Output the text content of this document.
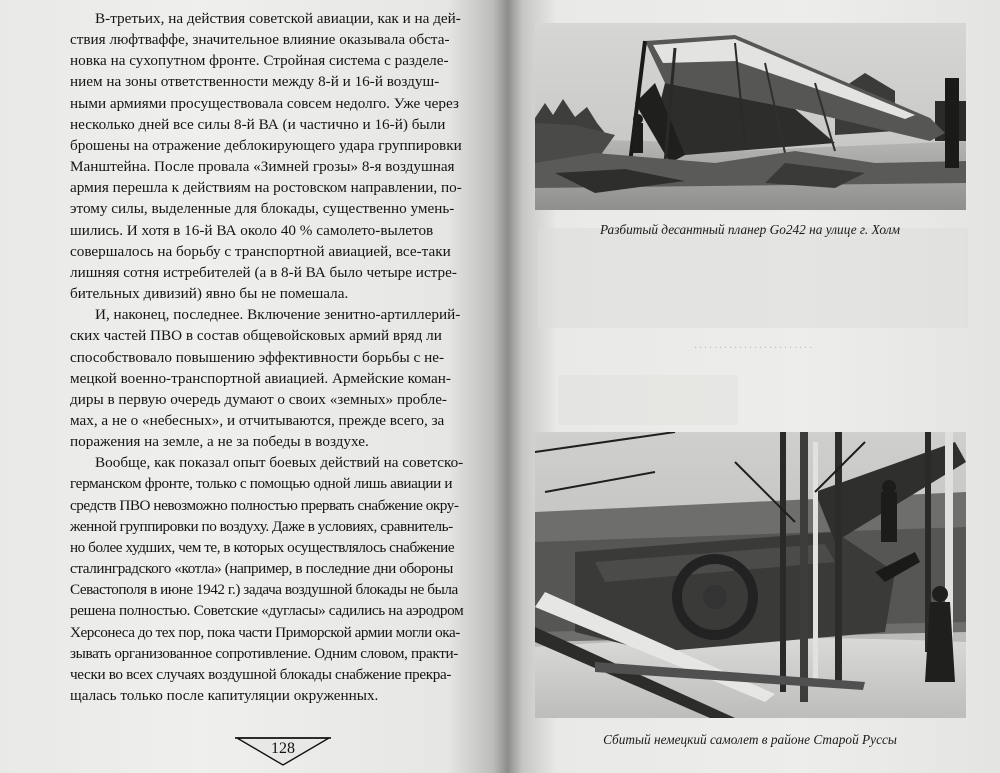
В-третьих, на действия советской авиации, как и на дей-

ствия люфтваффе, значительное влияние оказывала обста-

новка на сухопутном фронте. Стройная система с разделе-

нием на зоны ответственности между 8-й и 16-й воздуш-

ными армиями просуществовала совсем недолго. Уже через

несколько дней все силы 8-й ВА (и частично и 16-й) были

брошены на отражение деблокирующего удара группировки

Манштейна. После провала «Зимней грозы» 8-я воздушная

армия перешла к действиям на ростовском направлении, по-

этому силы, выделенные для блокады, существенно умень-

шились. И хотя в 16-й ВА около 40 % самолето-вылетов

совершалось на борьбу с транспортной авиацией, все-таки

лишняя сотня истребителей (а в 8-й ВА было четыре истре-

бительных дивизий) явно бы не помешала.

И, наконец, последнее. Включение зенитно-артиллерий-

ских частей ПВО в состав общевойсковых армий вряд ли

способствовало повышению эффективности борьбы с не-

мецкой военно-транспортной авиацией. Армейские коман-

диры в первую очередь думают о своих «земных» пробле-

мах, а не о «небесных», и отчитываются, прежде всего, за

поражения на земле, а не за победы в воздухе.

Вообще, как показал опыт боевых действий на советско-

германском фронте, только с помощью одной лишь авиации и

средств ПВО невозможно полностью прервать снабжение окру-

женной группировки по воздуху. Даже в условиях, сравнитель-

но более худших, чем те, в которых осуществлялось снабжение

сталинградского «котла» (например, в последние дни обороны

Севастополя в июне 1942 г.) задача воздушной блокады не была

решена полностью. Советские «дугласы» садились на аэродром

Херсонеса до тех пор, пока части Приморской армии могли ока-

зывать организованное сопротивление. Одним словом, практи-

чески во всех случаях воздушной блокады снабжение прекра-

щалась только после капитуляции окруженных.

128
Разбитый десантный планер Go242 на улице г. Холм
· · · · · · · · · · · · · · · · · · · · · · · ·
Сбитый немецкий самолет в районе Старой Руссы
